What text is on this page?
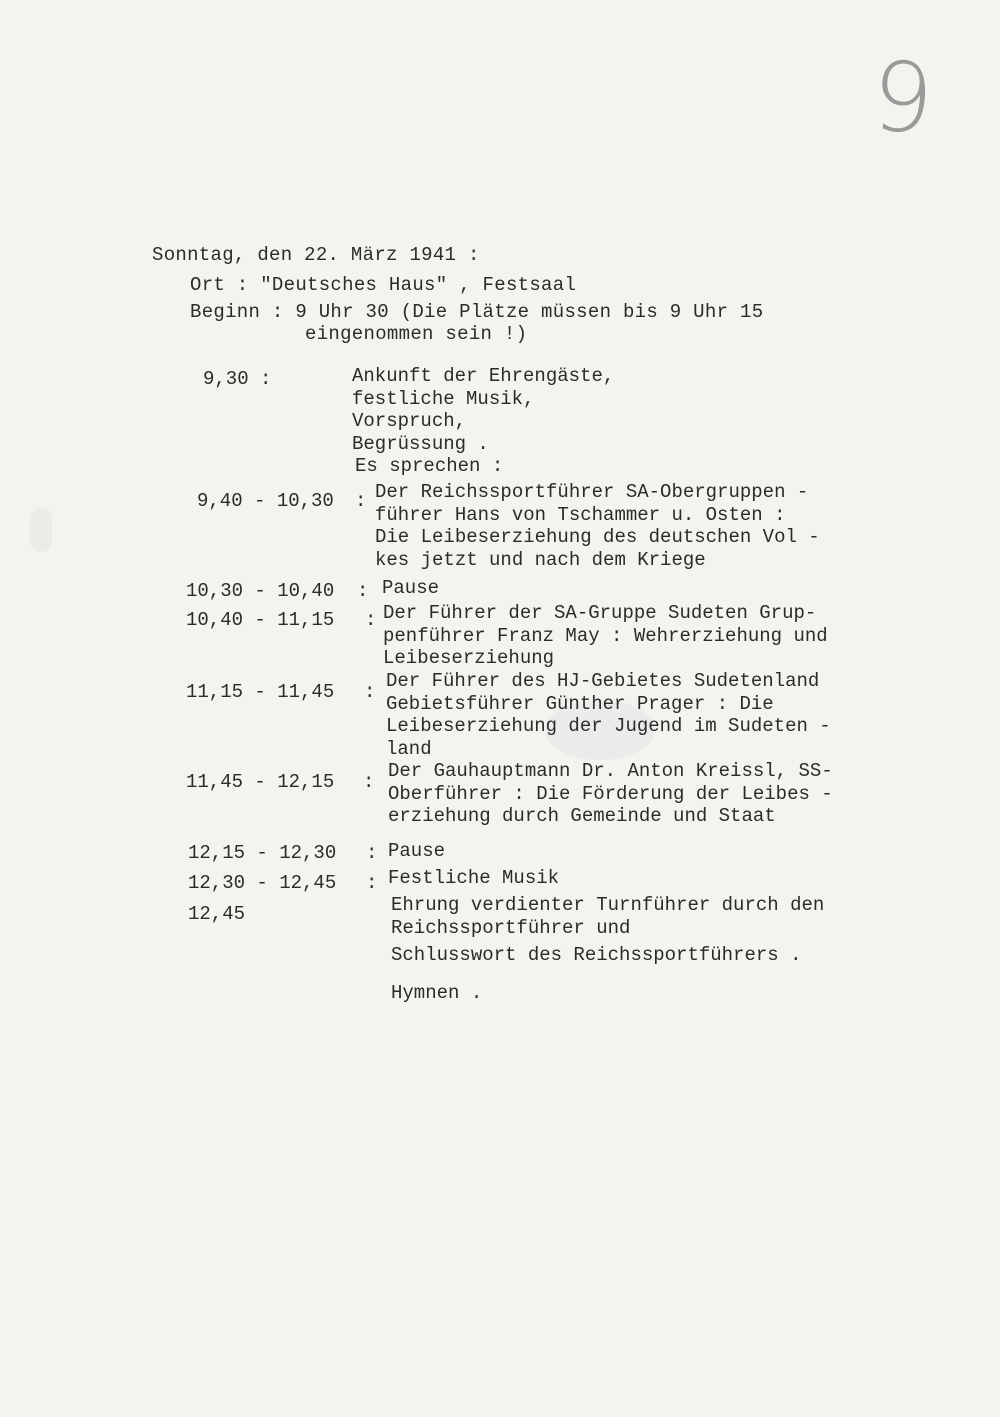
9
Sonntag, den 22. März 1941 :
Ort : "Deutsches Haus" , Festsaal
Beginn : 9 Uhr 30 (Die Plätze müssen bis 9 Uhr 15
eingenommen sein !)
9,30 :	Ankunft der Ehrengäste,
festliche Musik,
Vorspruch,
Begrüssung .
Es sprechen :
9,40 - 10,30 : Der Reichssportführer SA-Obergruppen -
führer Hans von Tschammer u. Osten :
Die Leibeserziehung des deutschen Vol -
kes jetzt und nach dem Kriege
10,30 - 10,40 : Pause
10,40 - 11,15 : Der Führer der SA-Gruppe Sudeten Grup-
penführer Franz May : Wehrerziehung und
Leibeserziehung
11,15 - 11,45 : Der Führer des HJ-Gebietes Sudetenland
Gebietsführer Günther Prager : Die
Leibeserziehung der Jugend im Sudeten -
land
11,45 - 12,15 : Der Gauhauptmann Dr. Anton Kreissl, SS-
Oberführer : Die Förderung der Leibes -
erziehung durch Gemeinde und Staat
12,15 - 12,30 : Pause
12,30 - 12,45 : Festliche Musik
12,45	Ehrung verdienter Turnführer durch den
Reichssportführer und
Schlusswort des Reichssportführers .
Hymnen .
